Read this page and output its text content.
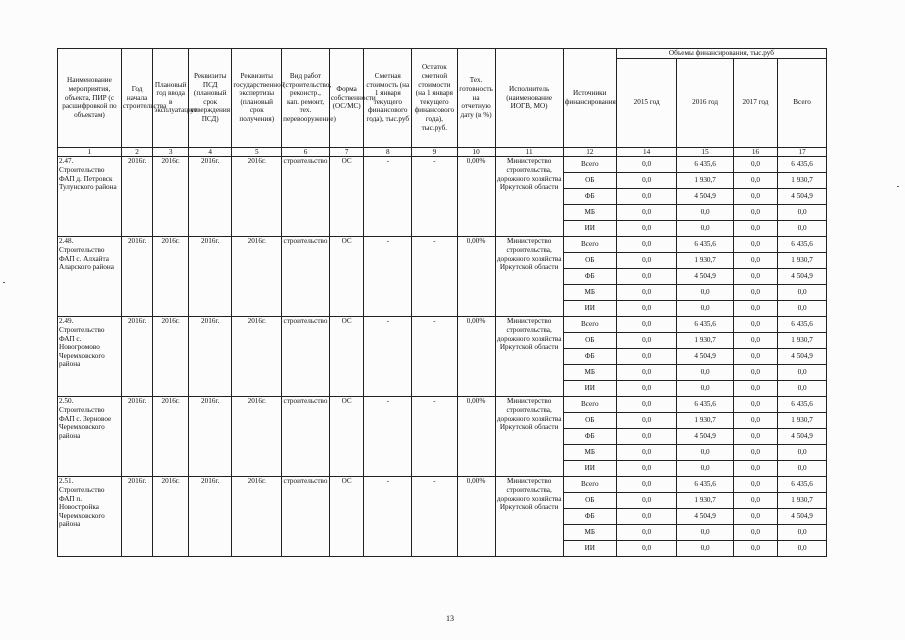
Наименование мероприятия, объекта, ПИР (с расшифровкой по объектам)	Год начала строительства	Плановый год ввода в эксплуатацию	Реквизиты ПСД (плановый срок утверждения ПСД)	Реквизиты государственной экспертизы (плановый срок получения)	Вид работ (строительство, реконстр., кап. ремонт, тех. перевооружение)	Форма собственности (ОС/МС)	Сметная стоимость (на 1 января текущего финансового года), тыс.руб	Остаток сметной стоимости (на 1 января текущего финансового года), тыс.руб.	Тех. готовность на отчетную дату (в %)	Исполнитель (наименование ИОГВ, МО)	Источники финансирования	Объемы финансирования, тыс.руб			
												2015 год	2016 год	2017 год	Всего
1	2	3	4	5	6	7	8	9	10	11	12	14	15	16	17
2.47. Строительство ФАП д. Петровск Тулунского района	2016г.	2016г.	2016г.	2016г.	строительство	ОС	-	-	0,00%	Министерство строительства, дорожного хозяйства Иркутской области	Всего	0,0	6 435,6	0,0	6 435,6
											ОБ	0,0	1 930,7	0,0	1 930,7
											ФБ	0,0	4 504,9	0,0	4 504,9
											МБ	0,0	0,0	0,0	0,0
											ИИ	0,0	0,0	0,0	0,0
2.48. Строительство ФАП с. Алхайта Аларского района	2016г.	2016г.	2016г.	2016г.	строительство	ОС	-	-	0,00%	Министерство строительства, дорожного хозяйства Иркутской области	Всего	0,0	6 435,6	0,0	6 435,6
											ОБ	0,0	1 930,7	0,0	1 930,7
											ФБ	0,0	4 504,9	0,0	4 504,9
											МБ	0,0	0,0	0,0	0,0
											ИИ	0,0	0,0	0,0	0,0
2.49. Строительство ФАП с. Новогромово Черемховского района	2016г.	2016г.	2016г.	2016г.	строительство	ОС	-	-	0,00%	Министерство строительства, дорожного хозяйства Иркутской области	Всего	0,0	6 435,6	0,0	6 435,6
											ОБ	0,0	1 930,7	0,0	1 930,7
											ФБ	0,0	4 504,9	0,0	4 504,9
											МБ	0,0	0,0	0,0	0,0
											ИИ	0,0	0,0	0,0	0,0
2.50. Строительство ФАП с. Зерновое Черемховского района	2016г.	2016г.	2016г.	2016г.	строительство	ОС	-	-	0,00%	Министерство строительства, дорожного хозяйства Иркутской области	Всего	0,0	6 435,6	0,0	6 435,6
											ОБ	0,0	1 930,7	0,0	1 930,7
											ФБ	0,0	4 504,9	0,0	4 504,9
											МБ	0,0	0,0	0,0	0,0
											ИИ	0,0	0,0	0,0	0,0
2.51. Строительство ФАП п. Новостройка Черемховского района	2016г.	2016г.	2016г.	2016г.	строительство	ОС	-	-	0,00%	Министерство строительства, дорожного хозяйства Иркутской области	Всего	0,0	6 435,6	0,0	6 435,6
											ОБ	0,0	1 930,7	0,0	1 930,7
											ФБ	0,0	4 504,9	0,0	4 504,9
											МБ	0,0	0,0	0,0	0,0
											ИИ	0,0	0,0	0,0	0,0
13
